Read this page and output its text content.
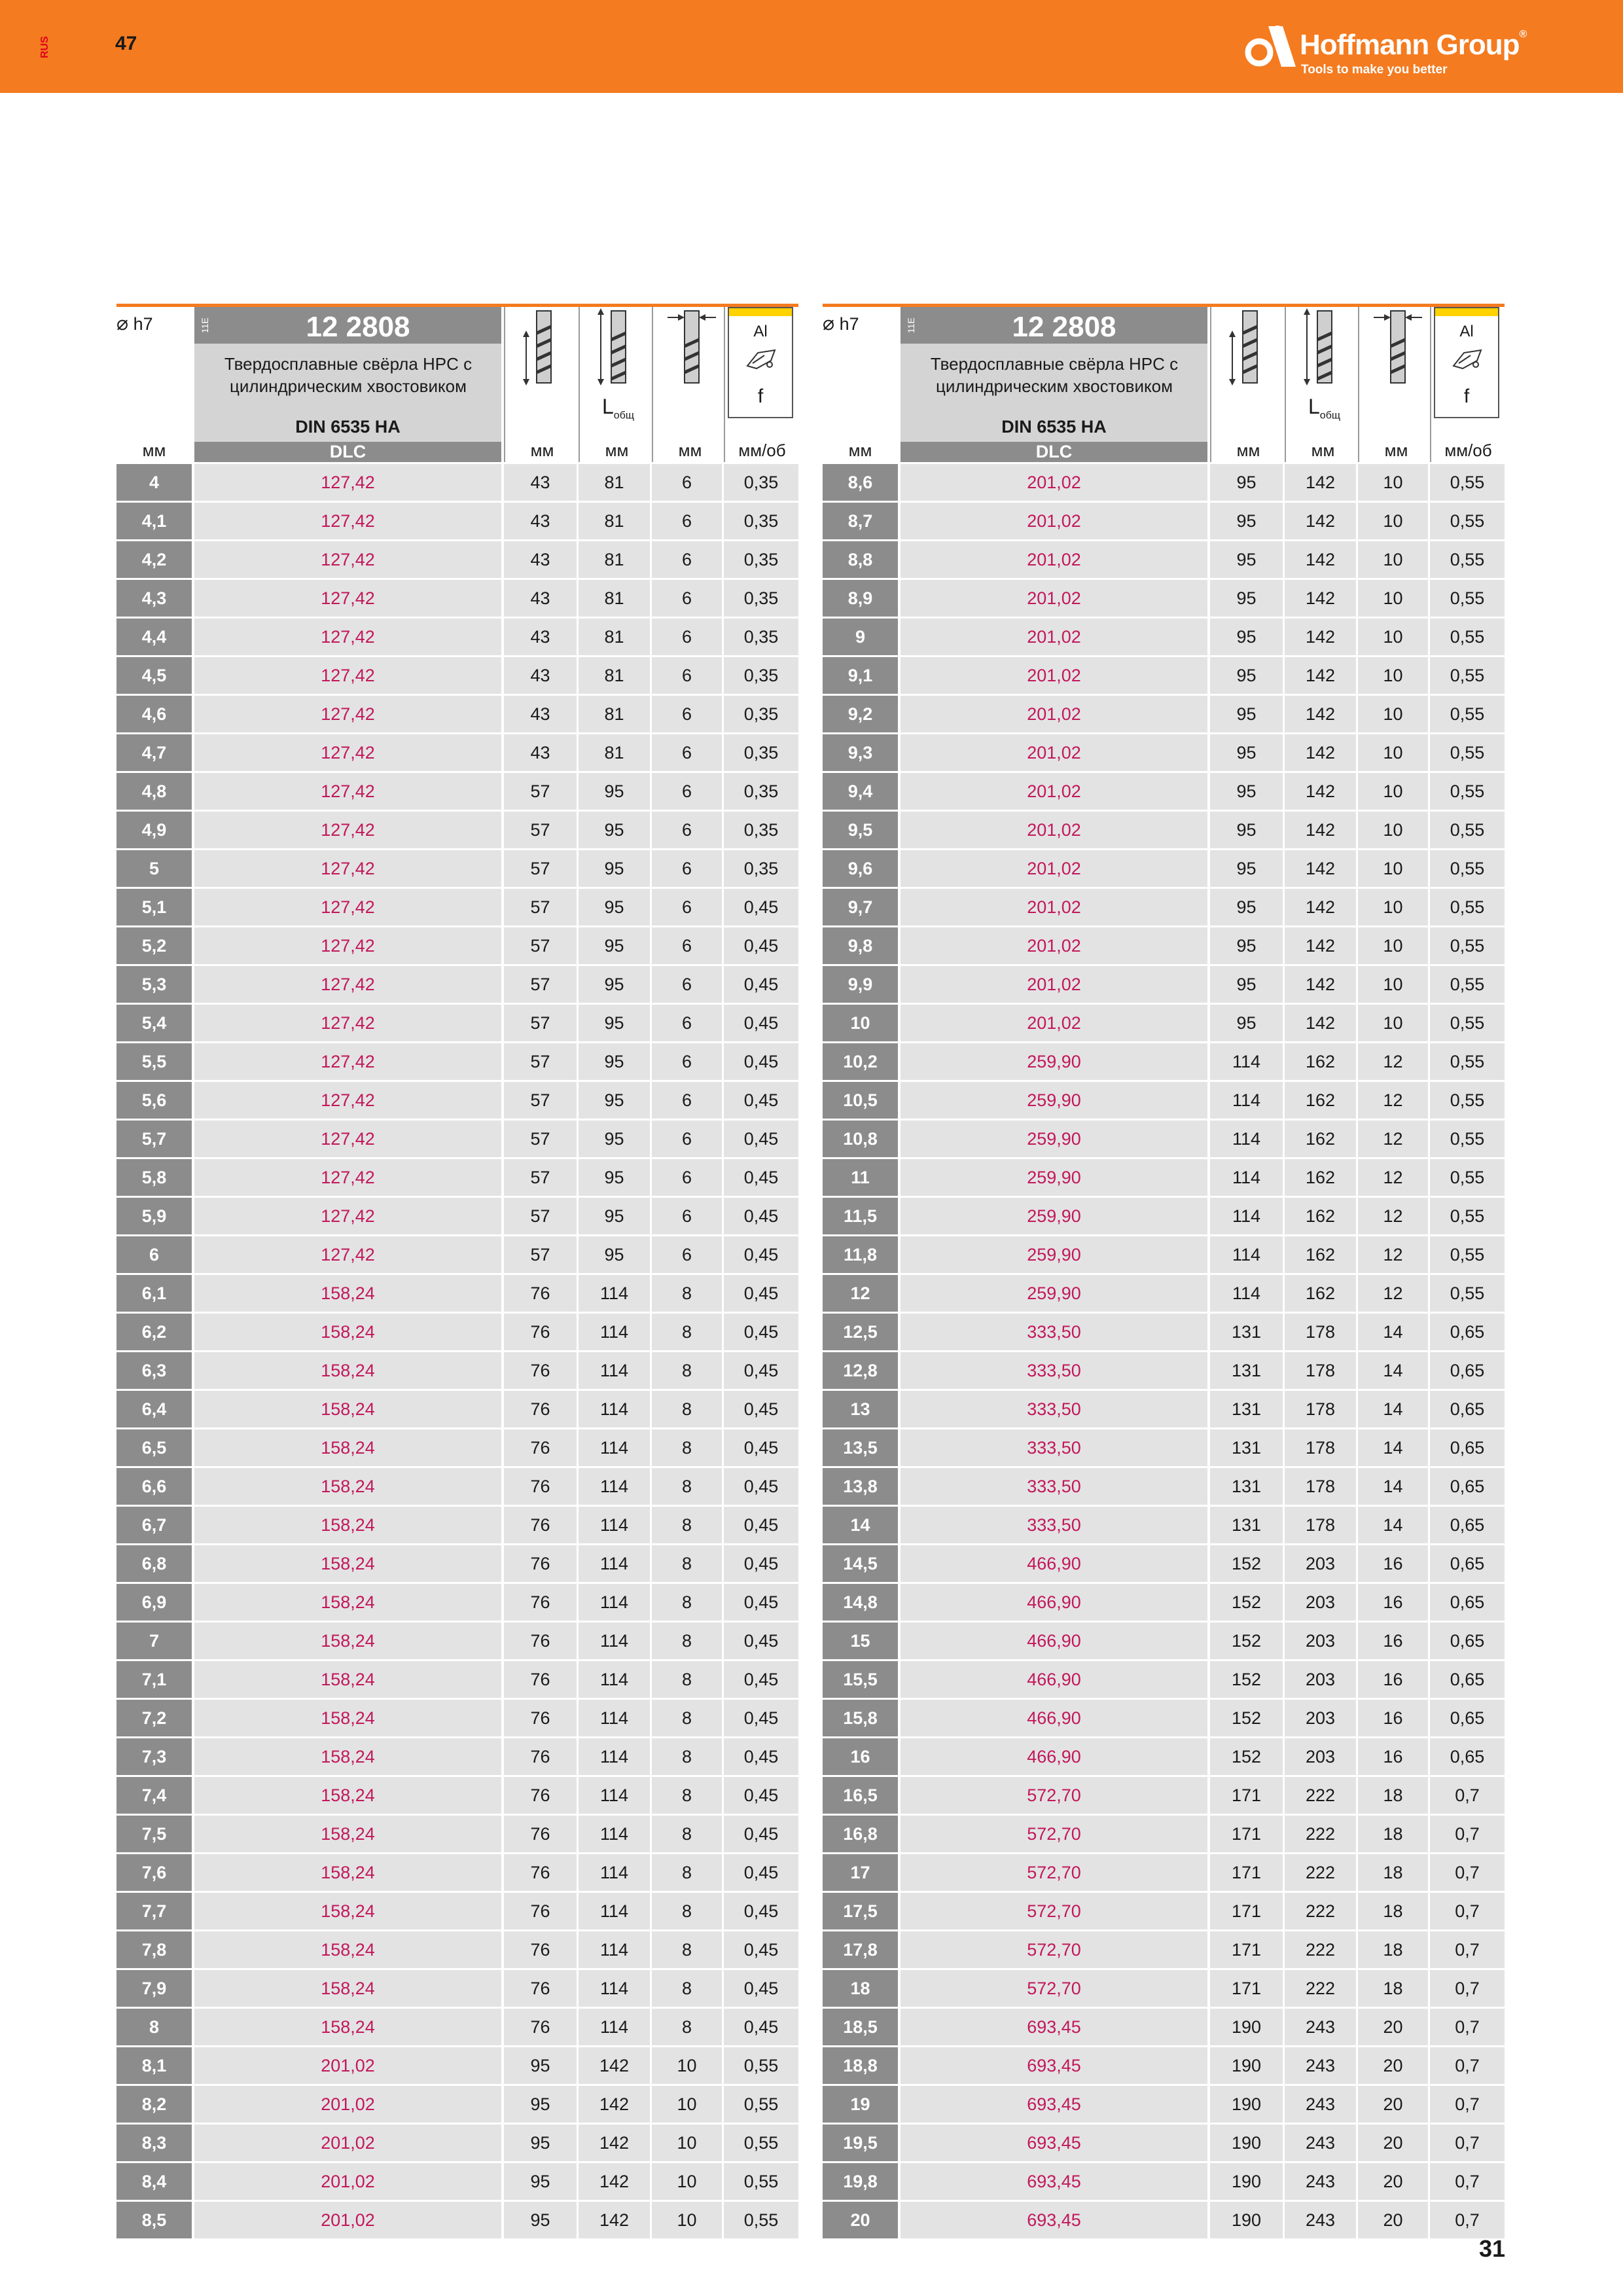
RUS	47	Hoffmann Group®
Tools to make you better
⌀ h7
мм
11E	12 2808
Твердосплавные свёрла HPC с цилиндрическим хвостовиком
DIN 6535 HA
DLC	мм
$L_{общ}$
мм	мм
Al
f
мм/об
4	127,42	43	81	6	0,35
4,1	127,42	43	81	6	0,35
4,2	127,42	43	81	6	0,35
4,3	127,42	43	81	6	0,35
4,4	127,42	43	81	6	0,35
4,5	127,42	43	81	6	0,35
4,6	127,42	43	81	6	0,35
4,7	127,42	43	81	6	0,35
4,8	127,42	57	95	6	0,35
4,9	127,42	57	95	6	0,35
5	127,42	57	95	6	0,35
5,1	127,42	57	95	6	0,45
5,2	127,42	57	95	6	0,45
5,3	127,42	57	95	6	0,45
5,4	127,42	57	95	6	0,45
5,5	127,42	57	95	6	0,45
5,6	127,42	57	95	6	0,45
5,7	127,42	57	95	6	0,45
5,8	127,42	57	95	6	0,45
5,9	127,42	57	95	6	0,45
6	127,42	57	95	6	0,45
6,1	158,24	76	114	8	0,45
6,2	158,24	76	114	8	0,45
6,3	158,24	76	114	8	0,45
6,4	158,24	76	114	8	0,45
6,5	158,24	76	114	8	0,45
6,6	158,24	76	114	8	0,45
6,7	158,24	76	114	8	0,45
6,8	158,24	76	114	8	0,45
6,9	158,24	76	114	8	0,45
7	158,24	76	114	8	0,45
7,1	158,24	76	114	8	0,45
7,2	158,24	76	114	8	0,45
7,3	158,24	76	114	8	0,45
7,4	158,24	76	114	8	0,45
7,5	158,24	76	114	8	0,45
7,6	158,24	76	114	8	0,45
7,7	158,24	76	114	8	0,45
7,8	158,24	76	114	8	0,45
7,9	158,24	76	114	8	0,45
8	158,24	76	114	8	0,45
8,1	201,02	95	142	10	0,55
8,2	201,02	95	142	10	0,55
8,3	201,02	95	142	10	0,55
8,4	201,02	95	142	10	0,55
8,5	201,02	95	142	10	0,55
⌀ h7
мм
11E	12 2808
Твердосплавные свёрла HPC с цилиндрическим хвостовиком
DIN 6535 HA
DLC	мм
$L_{общ}$
мм	мм
Al
f
мм/об
8,6	201,02	95	142	10	0,55
8,7	201,02	95	142	10	0,55
8,8	201,02	95	142	10	0,55
8,9	201,02	95	142	10	0,55
9	201,02	95	142	10	0,55
9,1	201,02	95	142	10	0,55
9,2	201,02	95	142	10	0,55
9,3	201,02	95	142	10	0,55
9,4	201,02	95	142	10	0,55
9,5	201,02	95	142	10	0,55
9,6	201,02	95	142	10	0,55
9,7	201,02	95	142	10	0,55
9,8	201,02	95	142	10	0,55
9,9	201,02	95	142	10	0,55
10	201,02	95	142	10	0,55
10,2	259,90	114	162	12	0,55
10,5	259,90	114	162	12	0,55
10,8	259,90	114	162	12	0,55
11	259,90	114	162	12	0,55
11,5	259,90	114	162	12	0,55
11,8	259,90	114	162	12	0,55
12	259,90	114	162	12	0,55
12,5	333,50	131	178	14	0,65
12,8	333,50	131	178	14	0,65
13	333,50	131	178	14	0,65
13,5	333,50	131	178	14	0,65
13,8	333,50	131	178	14	0,65
14	333,50	131	178	14	0,65
14,5	466,90	152	203	16	0,65
14,8	466,90	152	203	16	0,65
15	466,90	152	203	16	0,65
15,5	466,90	152	203	16	0,65
15,8	466,90	152	203	16	0,65
16	466,90	152	203	16	0,65
16,5	572,70	171	222	18	0,7
16,8	572,70	171	222	18	0,7
17	572,70	171	222	18	0,7
17,5	572,70	171	222	18	0,7
17,8	572,70	171	222	18	0,7
18	572,70	171	222	18	0,7
18,5	693,45	190	243	20	0,7
18,8	693,45	190	243	20	0,7
19	693,45	190	243	20	0,7
19,5	693,45	190	243	20	0,7
19,8	693,45	190	243	20	0,7
20	693,45	190	243	20	0,7
31
